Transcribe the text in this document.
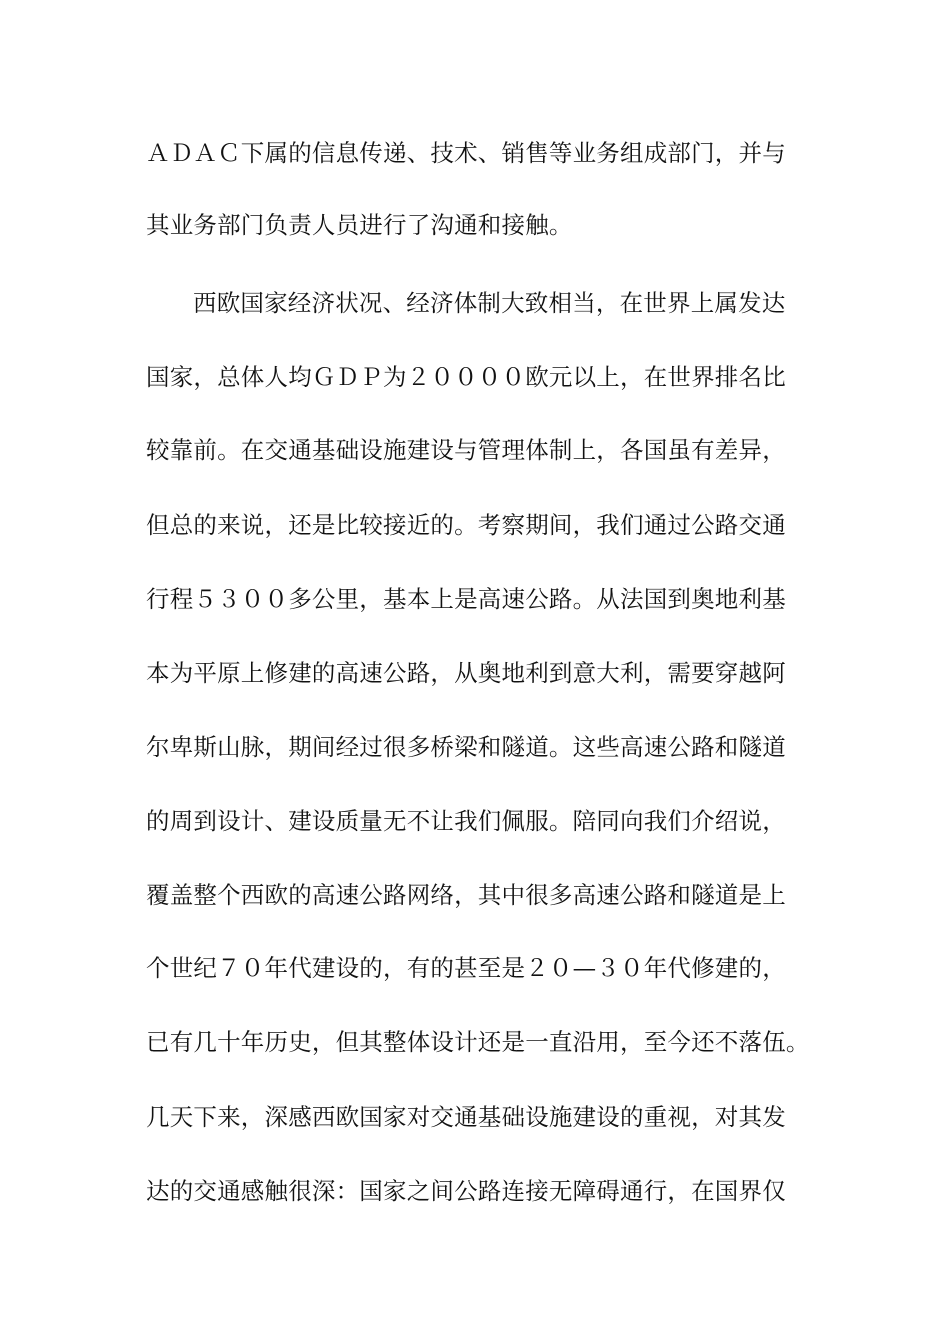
ＡＤＡＣ下属的信息传递、技术、销售等业务组成部门，并与
其业务部门负责人员进行了沟通和接触。
西欧国家经济状况、经济体制大致相当，在世界上属发达
国家，总体人均ＧＤＰ为２００００欧元以上，在世界排名比
较靠前。在交通基础设施建设与管理体制上，各国虽有差异，
但总的来说，还是比较接近的。考察期间，我们通过公路交通
行程５３００多公里，基本上是高速公路。从法国到奥地利基
本为平原上修建的高速公路，从奥地利到意大利，需要穿越阿
尔卑斯山脉，期间经过很多桥梁和隧道。这些高速公路和隧道
的周到设计、建设质量无不让我们佩服。陪同向我们介绍说，
覆盖整个西欧的高速公路网络，其中很多高速公路和隧道是上
个世纪７０年代建设的，有的甚至是２０—３０年代修建的，
已有几十年历史，但其整体设计还是一直沿用，至今还不落伍。
几天下来，深感西欧国家对交通基础设施建设的重视，对其发
达的交通感触很深：国家之间公路连接无障碍通行，在国界仅
